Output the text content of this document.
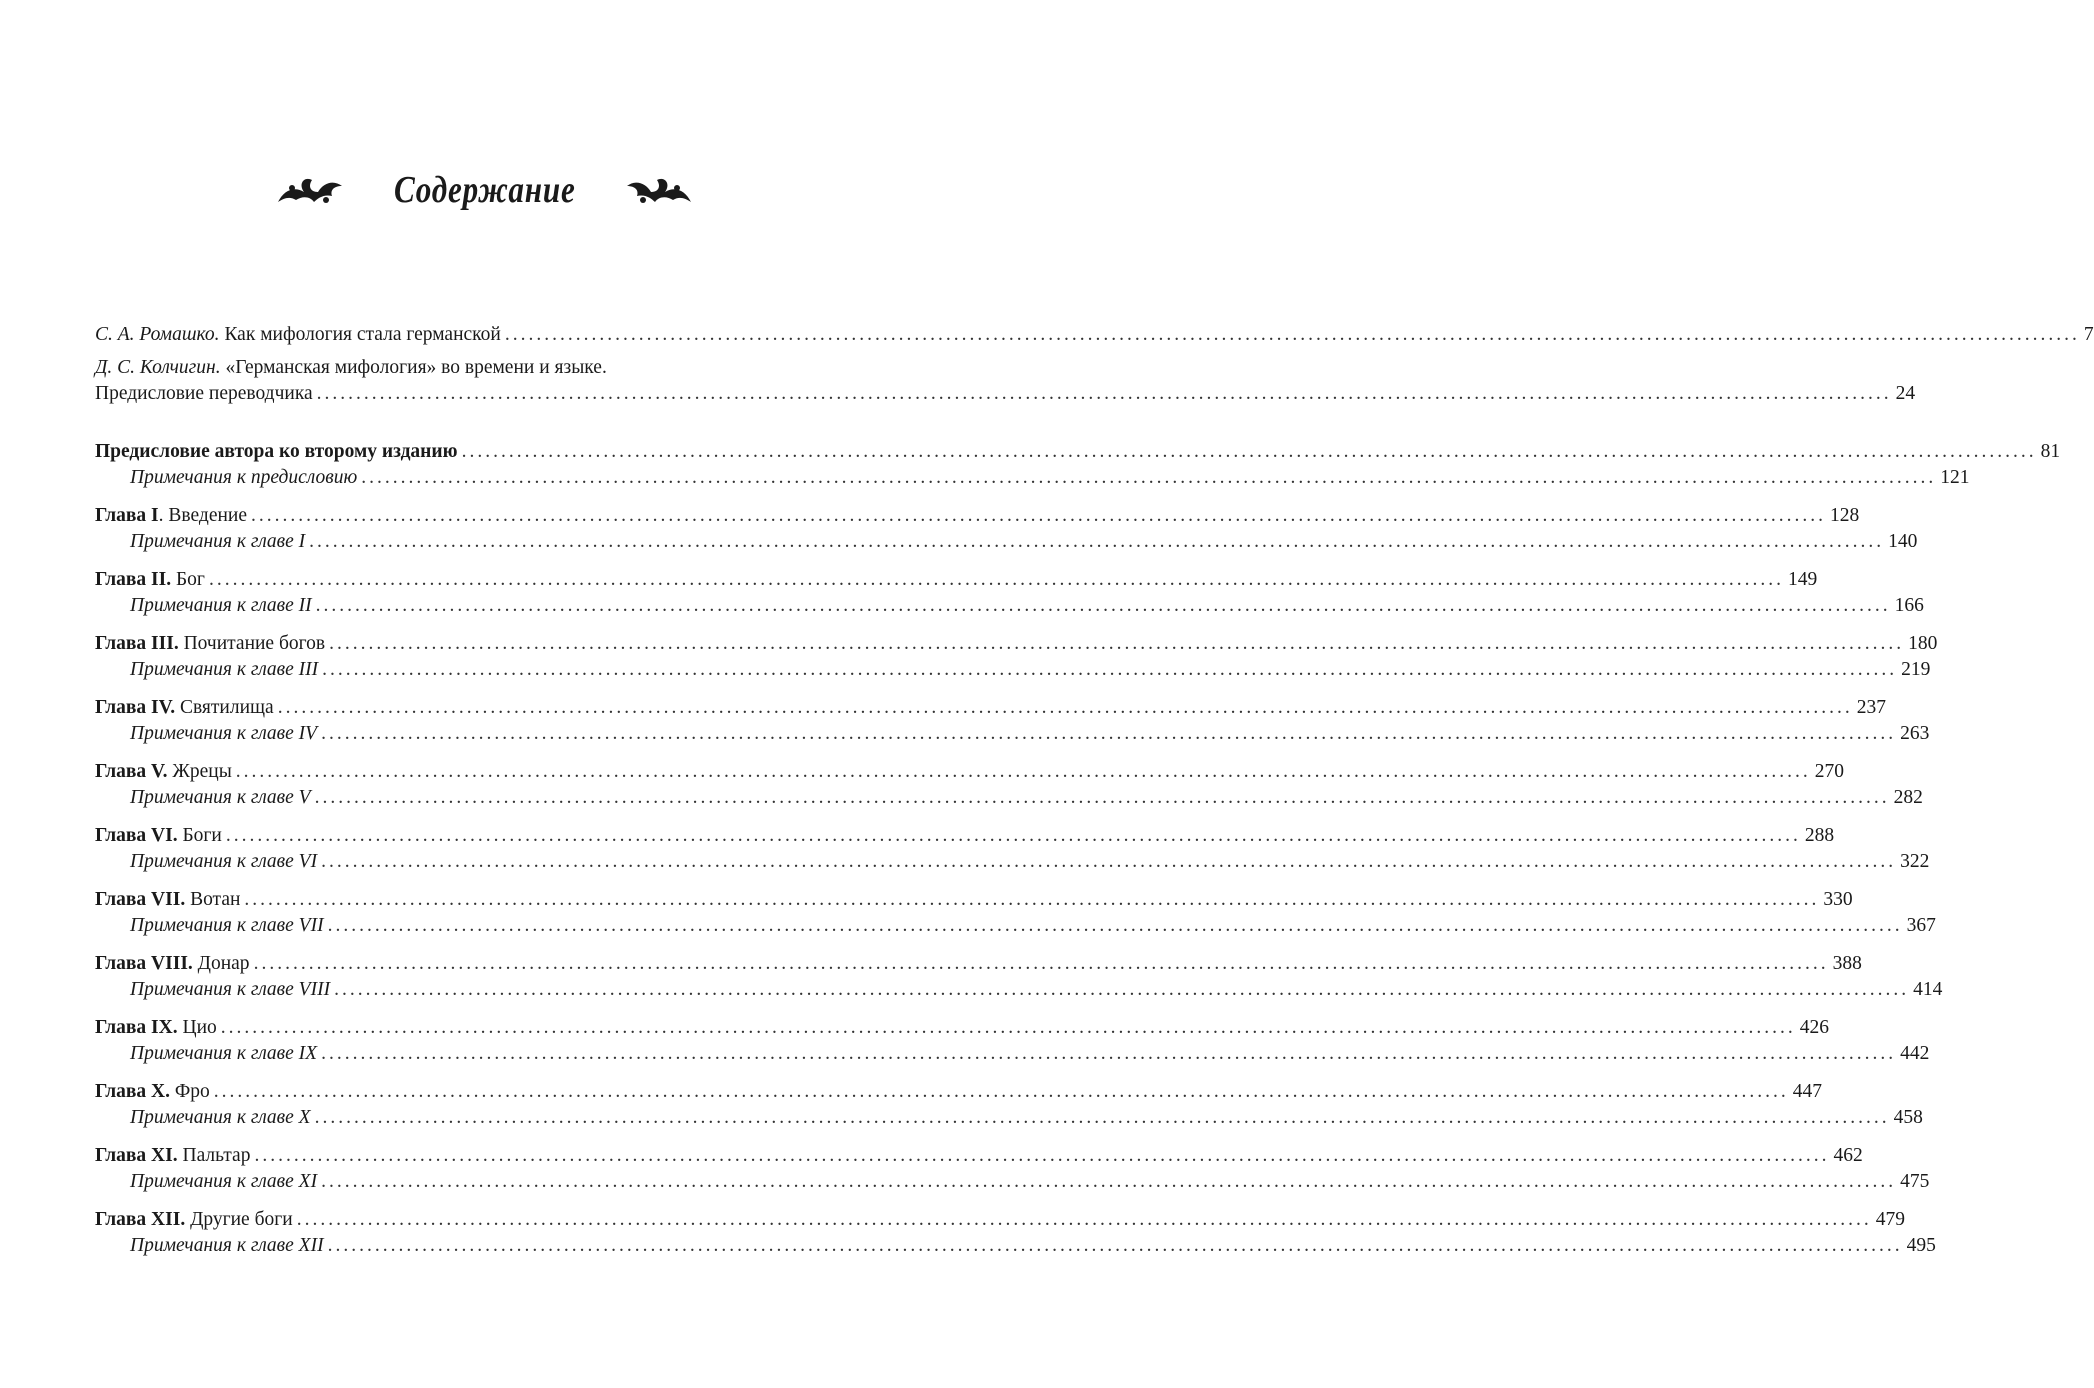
Содержание
С. А. Ромашко. Как мифология стала германской ........................................................................................................................................................................................................ 7
Д. С. Колчигин. «Германская мифология» во времени и языке.
Предисловие переводчика ........................................................................................................................................................................................................ 24
Предисловие автора ко второму изданию ........................................................................................................................................................................................................ 81
Примечания к предисловию ........................................................................................................................................................................................................ 121
Глава I. Введение ........................................................................................................................................................................................................ 128
Примечания к главе I ........................................................................................................................................................................................................ 140
Глава II. Бог ........................................................................................................................................................................................................ 149
Примечания к главе II ........................................................................................................................................................................................................ 166
Глава III. Почитание богов ........................................................................................................................................................................................................ 180
Примечания к главе III ........................................................................................................................................................................................................ 219
Глава IV. Святилища ........................................................................................................................................................................................................ 237
Примечания к главе IV ........................................................................................................................................................................................................ 263
Глава V. Жрецы ........................................................................................................................................................................................................ 270
Примечания к главе V ........................................................................................................................................................................................................ 282
Глава VI. Боги ........................................................................................................................................................................................................ 288
Примечания к главе VI ........................................................................................................................................................................................................ 322
Глава VII. Вотан ........................................................................................................................................................................................................ 330
Примечания к главе VII ........................................................................................................................................................................................................ 367
Глава VIII. Донар ........................................................................................................................................................................................................ 388
Примечания к главе VIII ........................................................................................................................................................................................................ 414
Глава IX. Цио ........................................................................................................................................................................................................ 426
Примечания к главе IX ........................................................................................................................................................................................................ 442
Глава X. Фро ........................................................................................................................................................................................................ 447
Примечания к главе X ........................................................................................................................................................................................................ 458
Глава XI. Пальтар ........................................................................................................................................................................................................ 462
Примечания к главе XI ........................................................................................................................................................................................................ 475
Глава XII. Другие боги ........................................................................................................................................................................................................ 479
Примечания к главе XII ........................................................................................................................................................................................................ 495
